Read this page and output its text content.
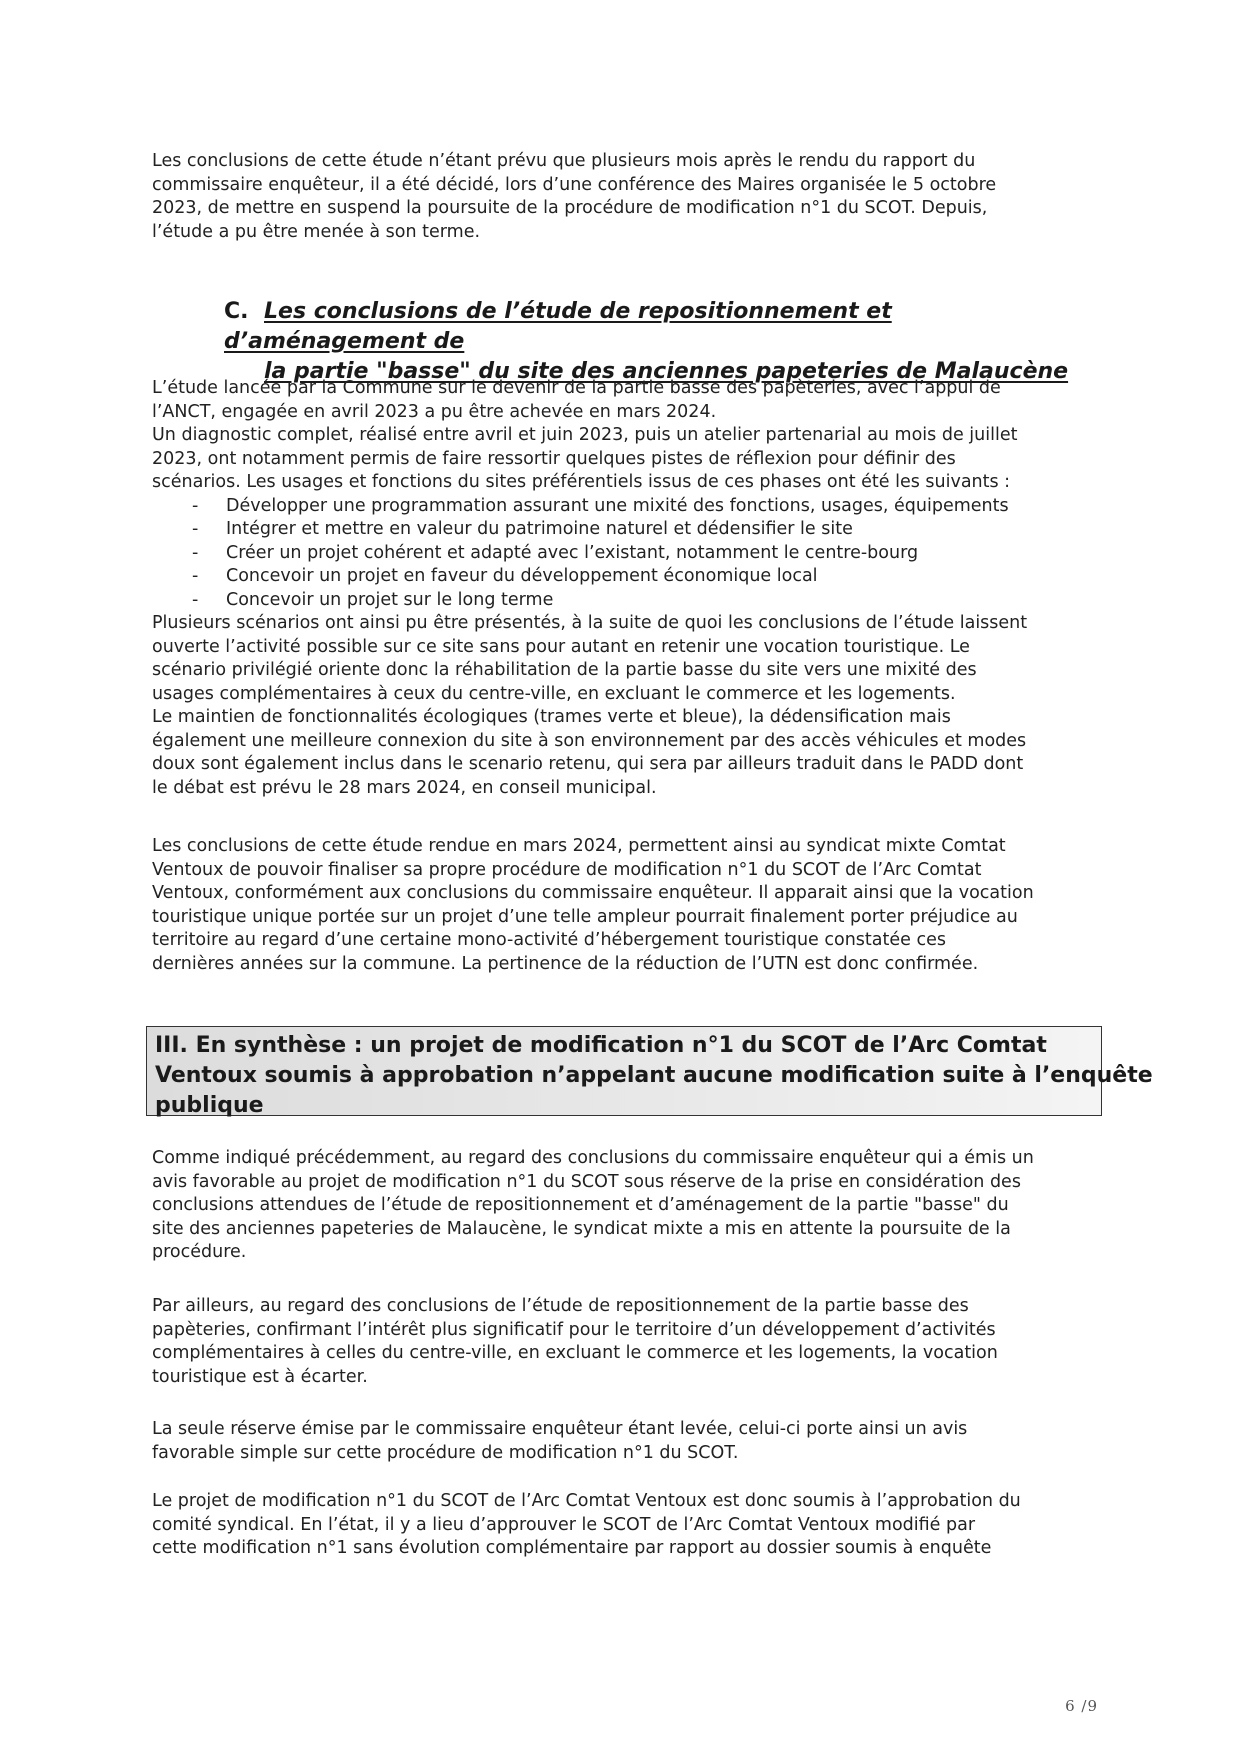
Les conclusions de cette étude n’étant prévu que plusieurs mois après le rendu du rapport du
commissaire enquêteur, il a été décidé, lors d’une conférence des Maires organisée le 5 octobre
2023, de mettre en suspend la poursuite de la procédure de modification n°1 du SCOT. Depuis,
l’étude a pu être menée à son terme.

C. Les conclusions de l’étude de repositionnement et d’aménagement de
la partie "basse" du site des anciennes papeteries de Malaucène

L’étude lancée par la Commune sur le devenir de la partie basse des papèteries, avec l’appui de
l’ANCT, engagée en avril 2023 a pu être achevée en mars 2024.
Un diagnostic complet, réalisé entre avril et juin 2023, puis un atelier partenarial au mois de juillet
2023, ont notamment permis de faire ressortir quelques pistes de réflexion pour définir des
scénarios. Les usages et fonctions du sites préférentiels issus de ces phases ont été les suivants :

- Développer une programmation assurant une mixité des fonctions, usages, équipements
- Intégrer et mettre en valeur du patrimoine naturel et dédensifier le site
- Créer un projet cohérent et adapté avec l’existant, notamment le centre-bourg
- Concevoir un projet en faveur du développement économique local
- Concevoir un projet sur le long terme

Plusieurs scénarios ont ainsi pu être présentés, à la suite de quoi les conclusions de l’étude laissent
ouverte l’activité possible sur ce site sans pour autant en retenir une vocation touristique. Le
scénario privilégié oriente donc la réhabilitation de la partie basse du site vers une mixité des
usages complémentaires à ceux du centre-ville, en excluant le commerce et les logements.
Le maintien de fonctionnalités écologiques (trames verte et bleue), la dédensification mais
également une meilleure connexion du site à son environnement par des accès véhicules et modes
doux sont également inclus dans le scenario retenu, qui sera par ailleurs traduit dans le PADD dont
le débat est prévu le 28 mars 2024, en conseil municipal.

Les conclusions de cette étude rendue en mars 2024, permettent ainsi au syndicat mixte Comtat
Ventoux de pouvoir finaliser sa propre procédure de modification n°1 du SCOT de l’Arc Comtat
Ventoux, conformément aux conclusions du commissaire enquêteur. Il apparait ainsi que la vocation
touristique unique portée sur un projet d’une telle ampleur pourrait finalement porter préjudice au
territoire au regard d’une certaine mono-activité d’hébergement touristique constatée ces
dernières années sur la commune. La pertinence de la réduction de l’UTN est donc confirmée.

III. En synthèse : un projet de modification n°1 du SCOT de l’Arc Comtat
Ventoux soumis à approbation n’appelant aucune modification suite à l’enquête
publique

Comme indiqué précédemment, au regard des conclusions du commissaire enquêteur qui a émis un
avis favorable au projet de modification n°1 du SCOT sous réserve de la prise en considération des
conclusions attendues de l’étude de repositionnement et d’aménagement de la partie "basse" du
site des anciennes papeteries de Malaucène, le syndicat mixte a mis en attente la poursuite de la
procédure.

Par ailleurs, au regard des conclusions de l’étude de repositionnement de la partie basse des
papèteries, confirmant l’intérêt plus significatif pour le territoire d’un développement d’activités
complémentaires à celles du centre-ville, en excluant le commerce et les logements, la vocation
touristique est à écarter.

La seule réserve émise par le commissaire enquêteur étant levée, celui-ci porte ainsi un avis
favorable simple sur cette procédure de modification n°1 du SCOT.

Le projet de modification n°1 du SCOT de l’Arc Comtat Ventoux est donc soumis à l’approbation du
comité syndical. En l’état, il y a lieu d’approuver le SCOT de l’Arc Comtat Ventoux modifié par
cette modification n°1 sans évolution complémentaire par rapport au dossier soumis à enquête

6 /9
